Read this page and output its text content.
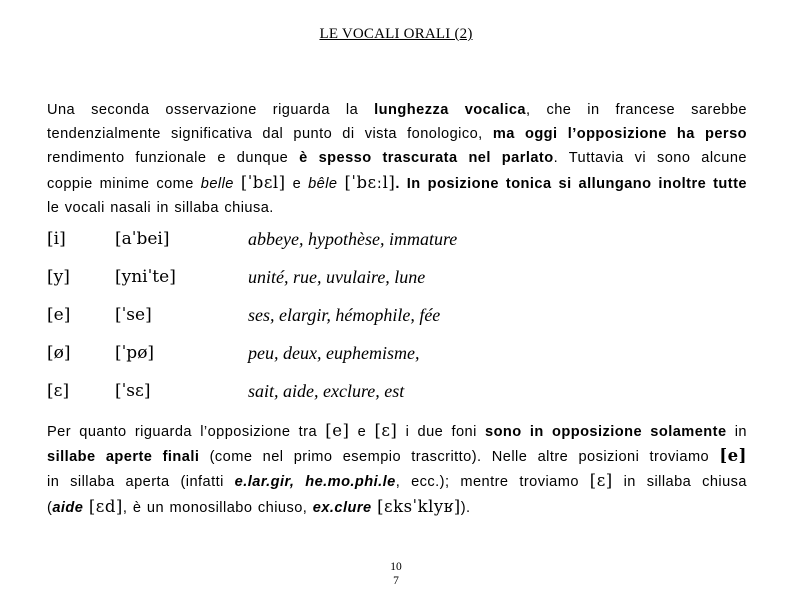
LE VOCALI ORALI (2)
Una seconda osservazione riguarda la lunghezza vocalica, che in francese sarebbe
tendenzialmente significativa dal punto di vista fonologico, ma oggi l’opposizione ha perso
rendimento funzionale e dunque è spesso trascurata nel parlato. Tuttavia vi sono alcune
coppie minime come belle [ˈbɛl] e bêle [ˈbɛːl]. In posizione tonica si allungano inoltre tutte
le vocali nasali in sillaba chiusa.
[i]	[aˈbei]	abbeye, hypothèse, immature
[y]	[yniˈte]	unité, rue, uvulaire, lune
[e]	[ˈse]	ses, elargir, hémophile, fée
[ø]	[ˈpø]	peu, deux, euphemisme,
[ɛ]	[ˈsɛ]	sait, aide, exclure, est
Per quanto riguarda l’opposizione tra [e] e [ɛ] i due foni sono in opposizione solamente in
sillabe aperte finali (come nel primo esempio trascritto). Nelle altre posizioni troviamo [e]
in sillaba aperta (infatti e.lar.gir, he.mo.phi.le, ecc.); mentre troviamo [ɛ] in sillaba chiusa
(aide [ɛd], è un monosillabo chiuso, ex.clure [ɛksˈklyʁ]).
10
7
